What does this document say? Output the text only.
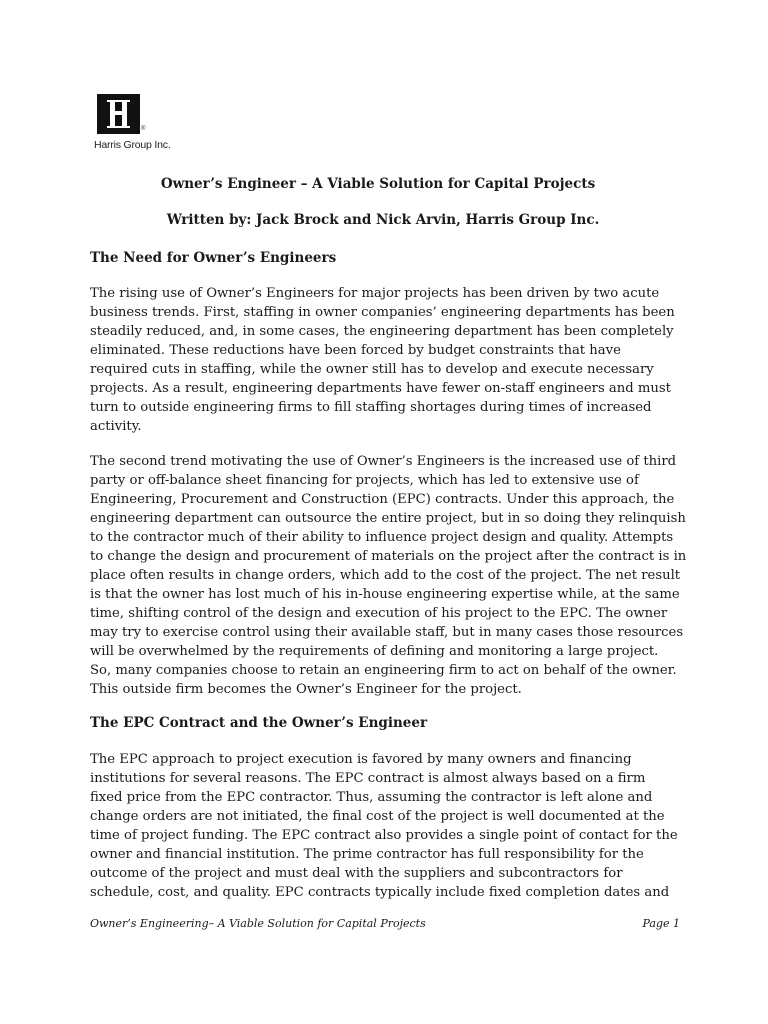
®
Harris Group Inc.
Owner’s Engineer – A Viable Solution for Capital Projects
Written by: Jack Brock and Nick Arvin, Harris Group Inc.
The Need for Owner’s Engineers
The rising use of Owner’s Engineers for major projects has been driven by two acute
business trends. First, staffing in owner companies’ engineering departments has been
steadily reduced, and, in some cases, the engineering department has been completely
eliminated. These reductions have been forced by budget constraints that have
required cuts in staffing, while the owner still has to develop and execute necessary
projects. As a result, engineering departments have fewer on-staff engineers and must
turn to outside engineering firms to fill staffing shortages during times of increased
activity.
The second trend motivating the use of Owner’s Engineers is the increased use of third
party or off-balance sheet financing for projects, which has led to extensive use of
Engineering, Procurement and Construction (EPC) contracts. Under this approach, the
engineering department can outsource the entire project, but in so doing they relinquish
to the contractor much of their ability to influence project design and quality. Attempts
to change the design and procurement of materials on the project after the contract is in
place often results in change orders, which add to the cost of the project. The net result
is that the owner has lost much of his in-house engineering expertise while, at the same
time, shifting control of the design and execution of his project to the EPC. The owner
may try to exercise control using their available staff, but in many cases those resources
will be overwhelmed by the requirements of defining and monitoring a large project.
So, many companies choose to retain an engineering firm to act on behalf of the owner.
This outside firm becomes the Owner’s Engineer for the project.
The EPC Contract and the Owner’s Engineer
The EPC approach to project execution is favored by many owners and financing
institutions for several reasons. The EPC contract is almost always based on a firm
fixed price from the EPC contractor. Thus, assuming the contractor is left alone and
change orders are not initiated, the final cost of the project is well documented at the
time of project funding. The EPC contract also provides a single point of contact for the
owner and financial institution. The prime contractor has full responsibility for the
outcome of the project and must deal with the suppliers and subcontractors for
schedule, cost, and quality. EPC contracts typically include fixed completion dates and
Owner’s Engineering– A Viable Solution for Capital Projects	Page 1
